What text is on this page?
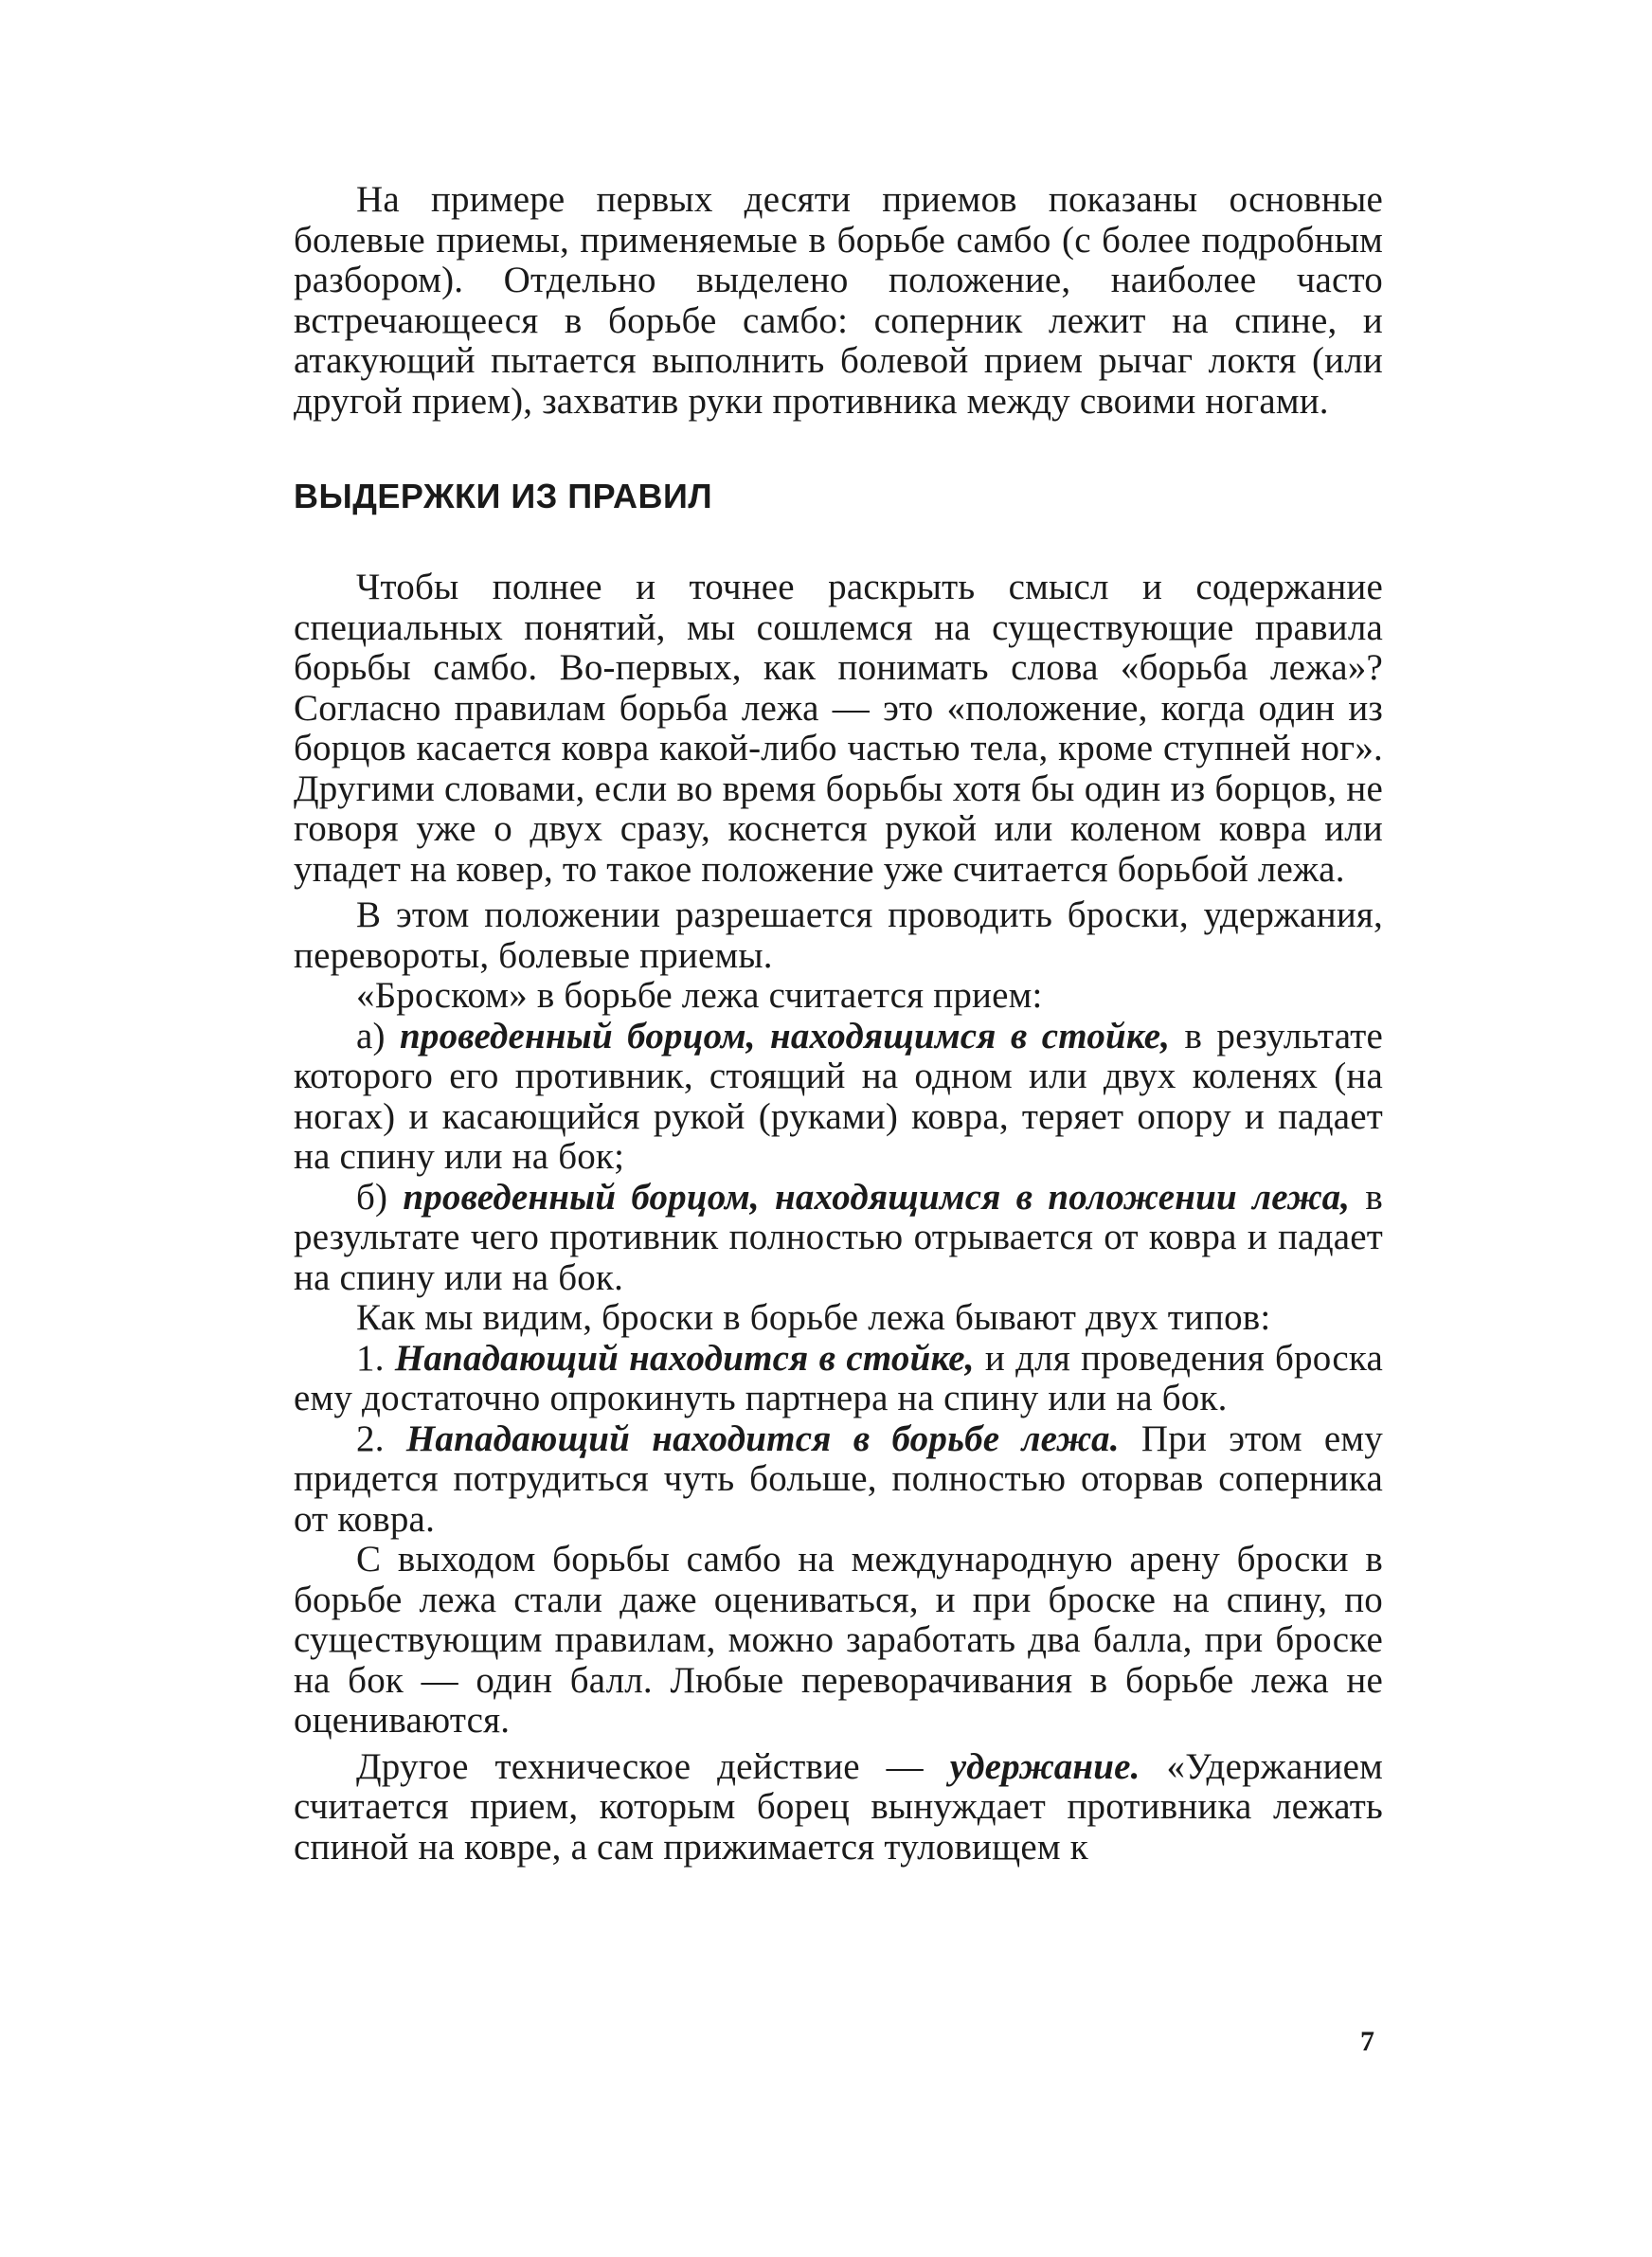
На примере первых десяти приемов показаны основные болевые приемы, применяемые в борьбе самбо (с более подробным разбором). Отдельно выделено положение, наиболее часто встречающееся в борьбе самбо: соперник лежит на спине, и атакующий пытается выполнить болевой прием рычаг локтя (или другой прием), захватив руки противника между своими ногами.

ВЫДЕРЖКИ ИЗ ПРАВИЛ

Чтобы полнее и точнее раскрыть смысл и содержание специальных понятий, мы сошлемся на существующие правила борьбы самбо. Во-первых, как понимать слова «борьба лежа»? Согласно правилам борьба лежа — это «положение, когда один из борцов касается ковра какой-либо частью тела, кроме ступней ног». Другими словами, если во время борьбы хотя бы один из борцов, не говоря уже о двух сразу, коснется рукой или коленом ковра или упадет на ковер, то такое положение уже считается борьбой лежа.

В этом положении разрешается проводить броски, удержания, перевороты, болевые приемы.

«Броском» в борьбе лежа считается прием:

а) проведенный борцом, находящимся в стойке, в результате которого его противник, стоящий на одном или двух коленях (на ногах) и касающийся рукой (руками) ковра, теряет опору и падает на спину или на бок;

б) проведенный борцом, находящимся в положении лежа, в результате чего противник полностью отрывается от ковра и падает на спину или на бок.

Как мы видим, броски в борьбе лежа бывают двух типов:

1. Нападающий находится в стойке, и для проведения броска ему достаточно опрокинуть партнера на спину или на бок.

2. Нападающий находится в борьбе лежа. При этом ему придется потрудиться чуть больше, полностью оторвав соперника от ковра.

С выходом борьбы самбо на международную арену броски в борьбе лежа стали даже оцениваться, и при броске на спину, по существующим правилам, можно заработать два балла, при броске на бок — один балл. Любые переворачивания в борьбе лежа не оцениваются.

Другое техническое действие — удержание. «Удержанием считается прием, которым борец вынуждает противника лежать спиной на ковре, а сам прижимается туловищем к

7
